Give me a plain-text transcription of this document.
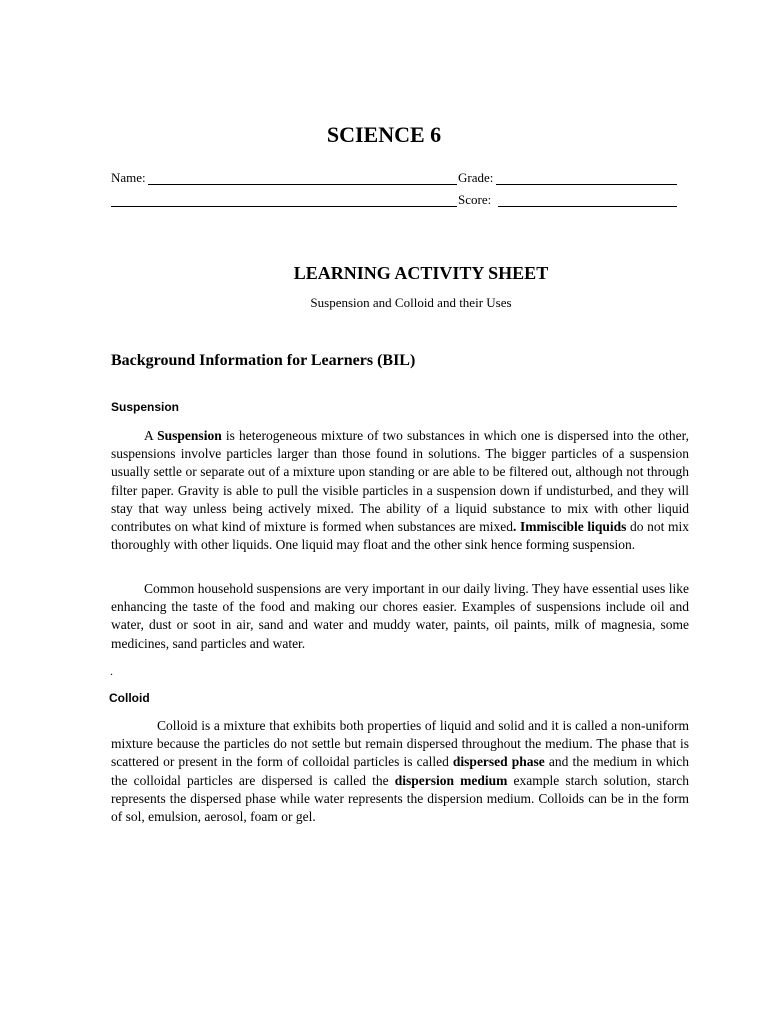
SCIENCE 6
Name:	Grade:
Score:
LEARNING ACTIVITY SHEET
Suspension and Colloid and their Uses
Background Information for Learners (BIL)
Suspension

A Suspension is heterogeneous mixture of two substances in which one is dispersed into the other, suspensions involve particles larger than those found in solutions. The bigger particles of a suspension usually settle or separate out of a mixture upon standing or are able to be filtered out, although not through filter paper. Gravity is able to pull the visible particles in a suspension down if undisturbed, and they will stay that way unless being actively mixed. The ability of a liquid substance to mix with other liquid contributes on what kind of mixture is formed when substances are mixed. Immiscible liquids do not mix thoroughly with other liquids. One liquid may float and the other sink hence forming suspension.

Common household suspensions are very important in our daily living. They have essential uses like enhancing the taste of the food and making our chores easier. Examples of suspensions include oil and water, dust or soot in air, sand and water and muddy water, paints, oil paints, milk of magnesia, some medicines, sand particles and water.

.
Colloid

Colloid is a mixture that exhibits both properties of liquid and solid and it is called a non-uniform mixture because the particles do not settle but remain dispersed throughout the medium. The phase that is scattered or present in the form of colloidal particles is called dispersed phase and the medium in which the colloidal particles are dispersed is called the dispersion medium example starch solution, starch represents the dispersed phase while water represents the dispersion medium. Colloids can be in the form of sol, emulsion, aerosol, foam or gel.
